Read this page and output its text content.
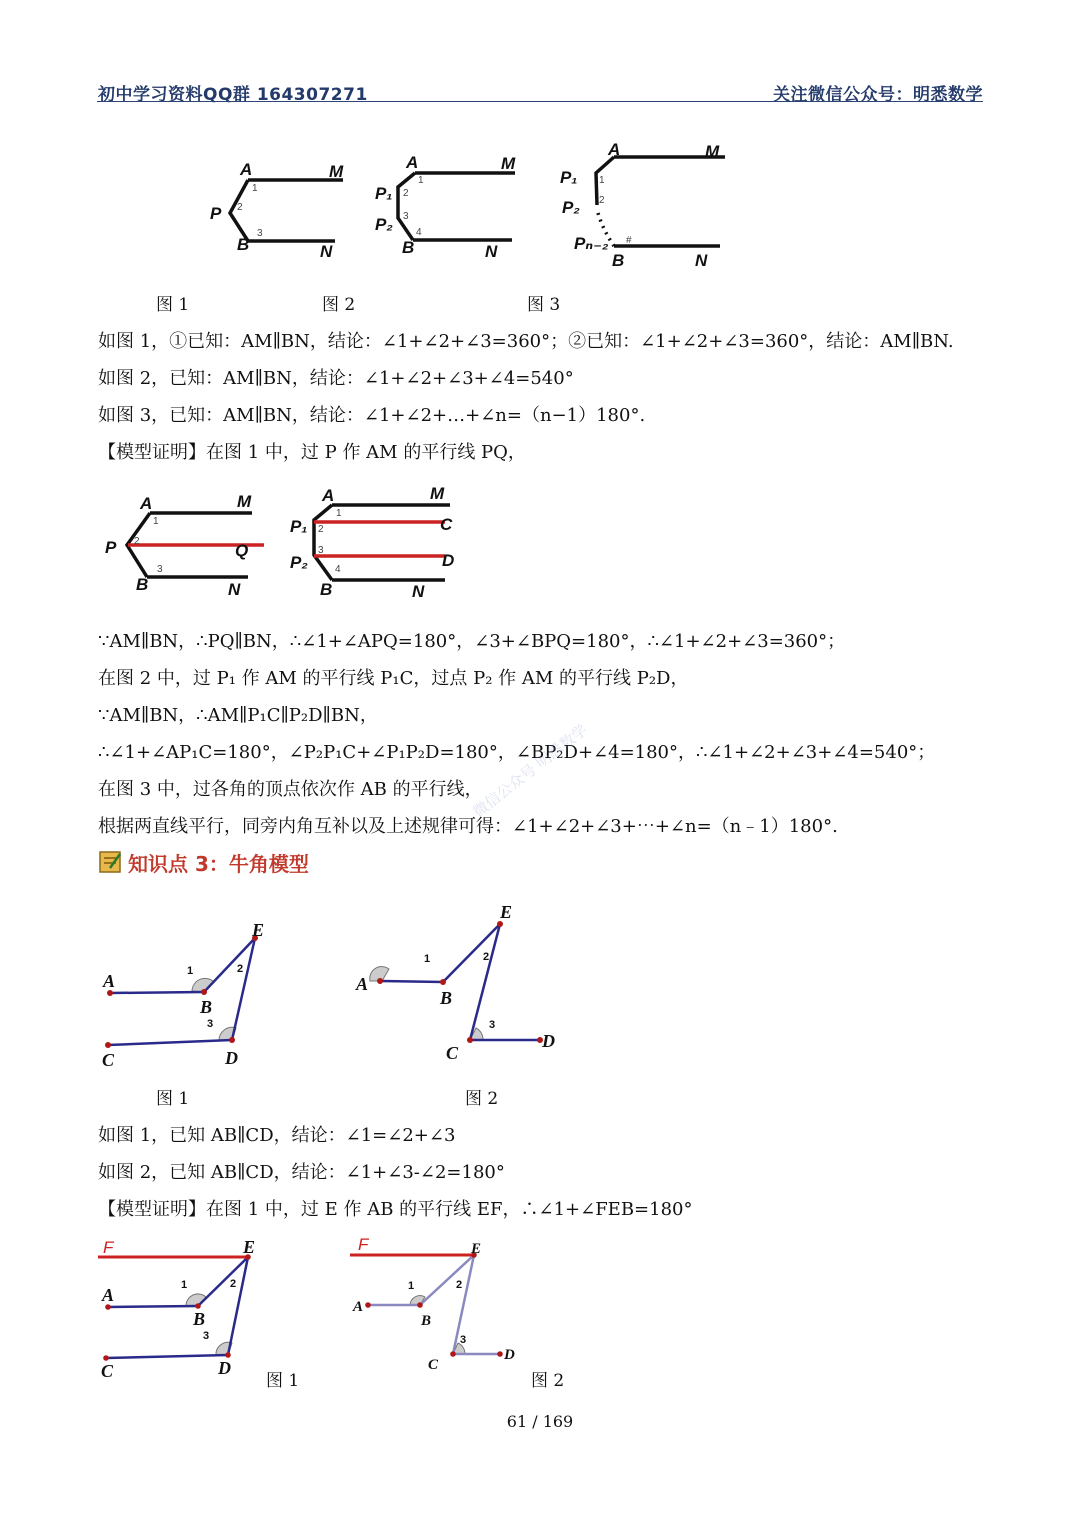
初中学习资料QQ群 164307271	关注微信公众号：明悉数学
A	M
P
B	N
1
2
3
A	M
P₁
P₂
B	N
1
2
3
4
A	M
P₁
P₂
Pₙ₋₂
B	N
1
2
#
图 1	图 2	图 3
如图 1，①已知：AM∥BN，结论：∠1+∠2+∠3=360°；②已知：∠1+∠2+∠3=360°，结论：AM∥BN.
如图 2，已知：AM∥BN，结论：∠1+∠2+∠3+∠4=540°
如图 3，已知：AM∥BN，结论：∠1+∠2+…+∠n=（n−1）180°.
【模型证明】在图 1 中，过 P 作 AM 的平行线 PQ，
A	M
P	Q
B	N
1
2
3
A	M
P₁	C
P₂	D
B	N
1
2
3
4
∵AM∥BN，∴PQ∥BN，∴∠1+∠APQ=180°，∠3+∠BPQ=180°，∴∠1+∠2+∠3=360°；
在图 2 中，过 P₁ 作 AM 的平行线 P₁C，过点 P₂ 作 AM 的平行线 P₂D，
∵AM∥BN，∴AM∥P₁C∥P₂D∥BN，
∴∠1+∠AP₁C=180°，∠P₂P₁C+∠P₁P₂D=180°，∠BP₂D+∠4=180°，∴∠1+∠2+∠3+∠4=540°；
在图 3 中，过各角的顶点依次作 AB 的平行线，
根据两直线平行，同旁内角互补以及上述规律可得：∠1+∠2+∠3+⋯+∠n=（n﹣1）180°.
微信公众号 明悉数学
知识点 3：牛角模型
A
B
E
C	D
1	2
3
A
B
E
C
D
1	2
3
图 1	图 2
如图 1，已知 AB∥CD，结论：∠1=∠2+∠3
如图 2，已知 AB∥CD，结论：∠1+∠3-∠2=180°
【模型证明】在图 1 中，过 E 作 AB 的平行线 EF，∴∠1+∠FEB=180°
F	E
A
B
C	D
1	2
3
F	E
A
B
C
D
1	2
3
图 1	图 2
61 / 169
